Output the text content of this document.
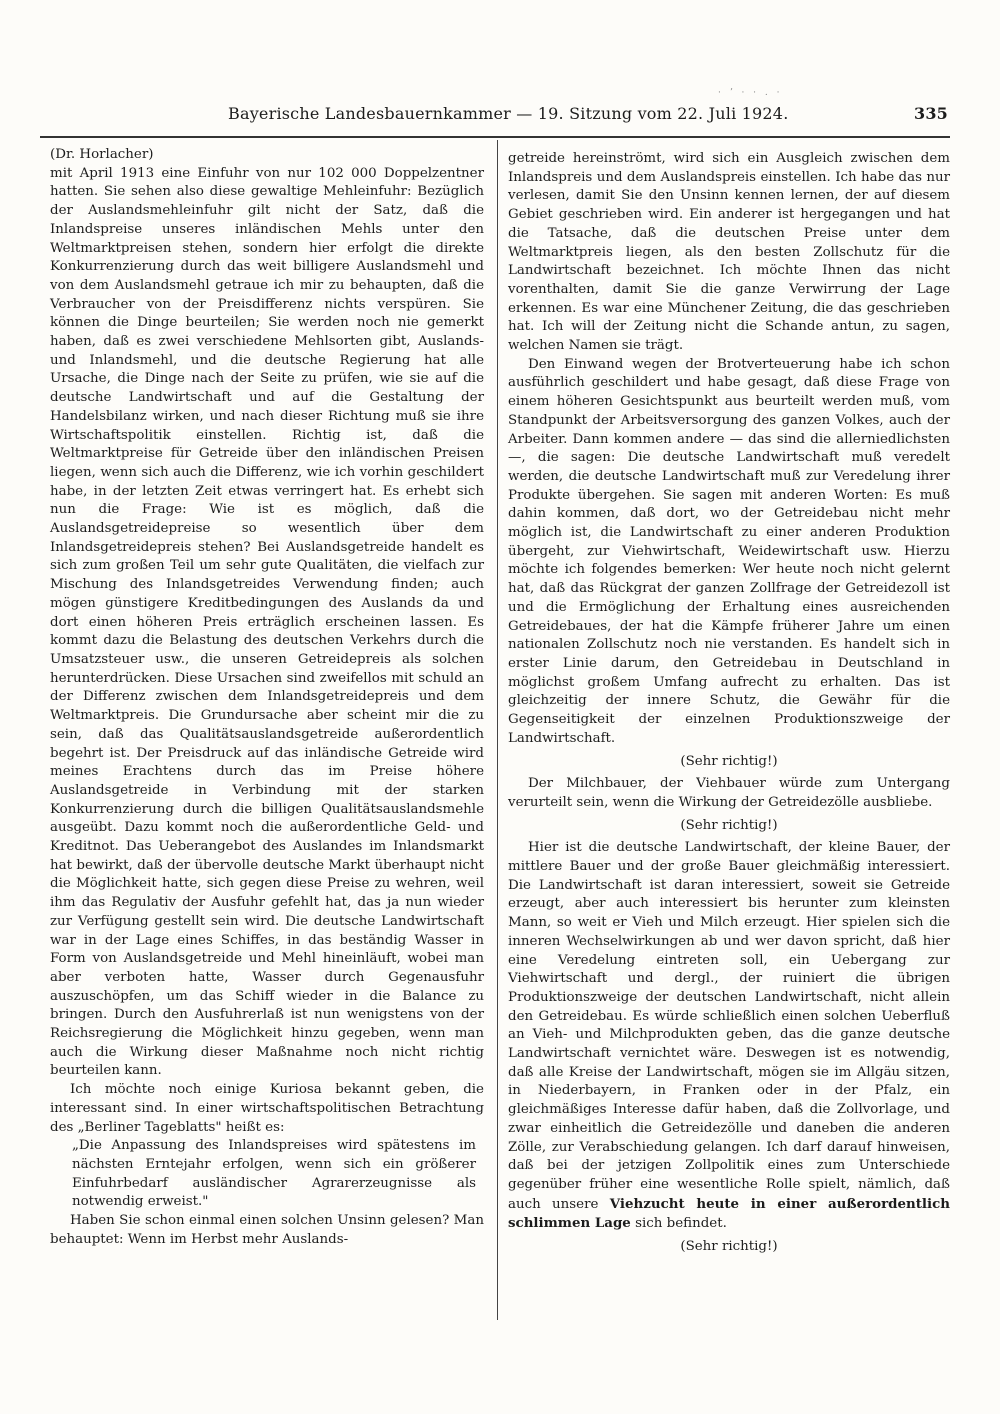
· ʼ · · . ·
Bayerische Landesbauernkammer — 19. Sitzung vom 22. Juli 1924.	335

(Dr. Horlacher)

mit April 1913 eine Einfuhr von nur 102 000 Doppelzentner hatten. Sie sehen also diese gewaltige Mehleinfuhr: Bezüglich der Auslandsmehleinfuhr gilt nicht der Satz, daß die Inlandspreise unseres inländischen Mehls unter den Weltmarktpreisen stehen, sondern hier erfolgt die direkte Konkurrenzierung durch das weit billigere Auslandsmehl und von dem Auslandsmehl getraue ich mir zu behaupten, daß die Verbraucher von der Preisdifferenz nichts verspüren. Sie können die Dinge beurteilen; Sie werden noch nie gemerkt haben, daß es zwei verschiedene Mehlsorten gibt, Auslands- und Inlandsmehl, und die deutsche Regierung hat alle Ursache, die Dinge nach der Seite zu prüfen, wie sie auf die deutsche Landwirtschaft und auf die Gestaltung der Handelsbilanz wirken, und nach dieser Richtung muß sie ihre Wirtschaftspolitik einstellen. Richtig ist, daß die Weltmarktpreise für Getreide über den inländischen Preisen liegen, wenn sich auch die Differenz, wie ich vorhin geschildert habe, in der letzten Zeit etwas verringert hat. Es erhebt sich nun die Frage: Wie ist es möglich, daß die Auslandsgetreidepreise so wesentlich über dem Inlandsgetreidepreis stehen? Bei Auslandsgetreide handelt es sich zum großen Teil um sehr gute Qualitäten, die vielfach zur Mischung des Inlandsgetreides Verwendung finden; auch mögen günstigere Kreditbedingungen des Auslands da und dort einen höheren Preis erträglich erscheinen lassen. Es kommt dazu die Belastung des deutschen Verkehrs durch die Umsatzsteuer usw., die unseren Getreidepreis als solchen herunterdrücken. Diese Ursachen sind zweifellos mit schuld an der Differenz zwischen dem Inlandsgetreidepreis und dem Weltmarktpreis. Die Grundursache aber scheint mir die zu sein, daß das Qualitätsauslandsgetreide außerordentlich begehrt ist. Der Preisdruck auf das inländische Getreide wird meines Erachtens durch das im Preise höhere Auslandsgetreide in Verbindung mit der starken Konkurrenzierung durch die billigen Qualitätsauslandsmehle ausgeübt. Dazu kommt noch die außerordentliche Geld- und Kreditnot. Das Ueberangebot des Auslandes im Inlandsmarkt hat bewirkt, daß der übervolle deutsche Markt überhaupt nicht die Möglichkeit hatte, sich gegen diese Preise zu wehren, weil ihm das Regulativ der Ausfuhr gefehlt hat, das ja nun wieder zur Verfügung gestellt sein wird. Die deutsche Landwirtschaft war in der Lage eines Schiffes, in das beständig Wasser in Form von Auslandsgetreide und Mehl hineinläuft, wobei man aber verboten hatte, Wasser durch Gegenausfuhr auszuschöpfen, um das Schiff wieder in die Balance zu bringen. Durch den Ausfuhrerlaß ist nun wenigstens von der Reichsregierung die Möglichkeit hinzu gegeben, wenn man auch die Wirkung dieser Maßnahme noch nicht richtig beurteilen kann.

Ich möchte noch einige Kuriosa bekannt geben, die interessant sind. In einer wirtschaftspolitischen Betrachtung des „Berliner Tageblatts" heißt es:

„Die Anpassung des Inlandspreises wird spätestens im nächsten Erntejahr erfolgen, wenn sich ein größerer Einfuhrbedarf ausländischer Agrarerzeugnisse als notwendig erweist."

Haben Sie schon einmal einen solchen Unsinn gelesen? Man behauptet: Wenn im Herbst mehr Auslands-

getreide hereinströmt, wird sich ein Ausgleich zwischen dem Inlandspreis und dem Auslandspreis einstellen. Ich habe das nur verlesen, damit Sie den Unsinn kennen lernen, der auf diesem Gebiet geschrieben wird. Ein anderer ist hergegangen und hat die Tatsache, daß die deutschen Preise unter dem Weltmarktpreis liegen, als den besten Zollschutz für die Landwirtschaft bezeichnet. Ich möchte Ihnen das nicht vorenthalten, damit Sie die ganze Verwirrung der Lage erkennen. Es war eine Münchener Zeitung, die das geschrieben hat. Ich will der Zeitung nicht die Schande antun, zu sagen, welchen Namen sie trägt.

Den Einwand wegen der Brotverteuerung habe ich schon ausführlich geschildert und habe gesagt, daß diese Frage von einem höheren Gesichtspunkt aus beurteilt werden muß, vom Standpunkt der Arbeitsversorgung des ganzen Volkes, auch der Arbeiter. Dann kommen andere — das sind die allerniedlichsten —, die sagen: Die deutsche Landwirtschaft muß veredelt werden, die deutsche Landwirtschaft muß zur Veredelung ihrer Produkte übergehen. Sie sagen mit anderen Worten: Es muß dahin kommen, daß dort, wo der Getreidebau nicht mehr möglich ist, die Landwirtschaft zu einer anderen Produktion übergeht, zur Viehwirtschaft, Weidewirtschaft usw. Hierzu möchte ich folgendes bemerken: Wer heute noch nicht gelernt hat, daß das Rückgrat der ganzen Zollfrage der Getreidezoll ist und die Ermöglichung der Erhaltung eines ausreichenden Getreidebaues, der hat die Kämpfe früherer Jahre um einen nationalen Zollschutz noch nie verstanden. Es handelt sich in erster Linie darum, den Getreidebau in Deutschland in möglichst großem Umfang aufrecht zu erhalten. Das ist gleichzeitig der innere Schutz, die Gewähr für die Gegenseitigkeit der einzelnen Produktionszweige der Landwirtschaft.

(Sehr richtig!)

Der Milchbauer, der Viehbauer würde zum Untergang verurteilt sein, wenn die Wirkung der Getreidezölle ausbliebe.

(Sehr richtig!)

Hier ist die deutsche Landwirtschaft, der kleine Bauer, der mittlere Bauer und der große Bauer gleichmäßig interessiert. Die Landwirtschaft ist daran interessiert, soweit sie Getreide erzeugt, aber auch interessiert bis herunter zum kleinsten Mann, so weit er Vieh und Milch erzeugt. Hier spielen sich die inneren Wechselwirkungen ab und wer davon spricht, daß hier eine Veredelung eintreten soll, ein Uebergang zur Viehwirtschaft und dergl., der ruiniert die übrigen Produktionszweige der deutschen Landwirtschaft, nicht allein den Getreidebau. Es würde schließlich einen solchen Ueberfluß an Vieh- und Milchprodukten geben, das die ganze deutsche Landwirtschaft vernichtet wäre. Deswegen ist es notwendig, daß alle Kreise der Landwirtschaft, mögen sie im Allgäu sitzen, in Niederbayern, in Franken oder in der Pfalz, ein gleichmäßiges Interesse dafür haben, daß die Zollvorlage, und zwar einheitlich die Getreidezölle und daneben die anderen Zölle, zur Verabschiedung gelangen. Ich darf darauf hinweisen, daß bei der jetzigen Zollpolitik eines zum Unterschiede gegenüber früher eine wesentliche Rolle spielt, nämlich, daß auch unsere Viehzucht heute in einer außerordentlich schlimmen Lage sich befindet.

(Sehr richtig!)
